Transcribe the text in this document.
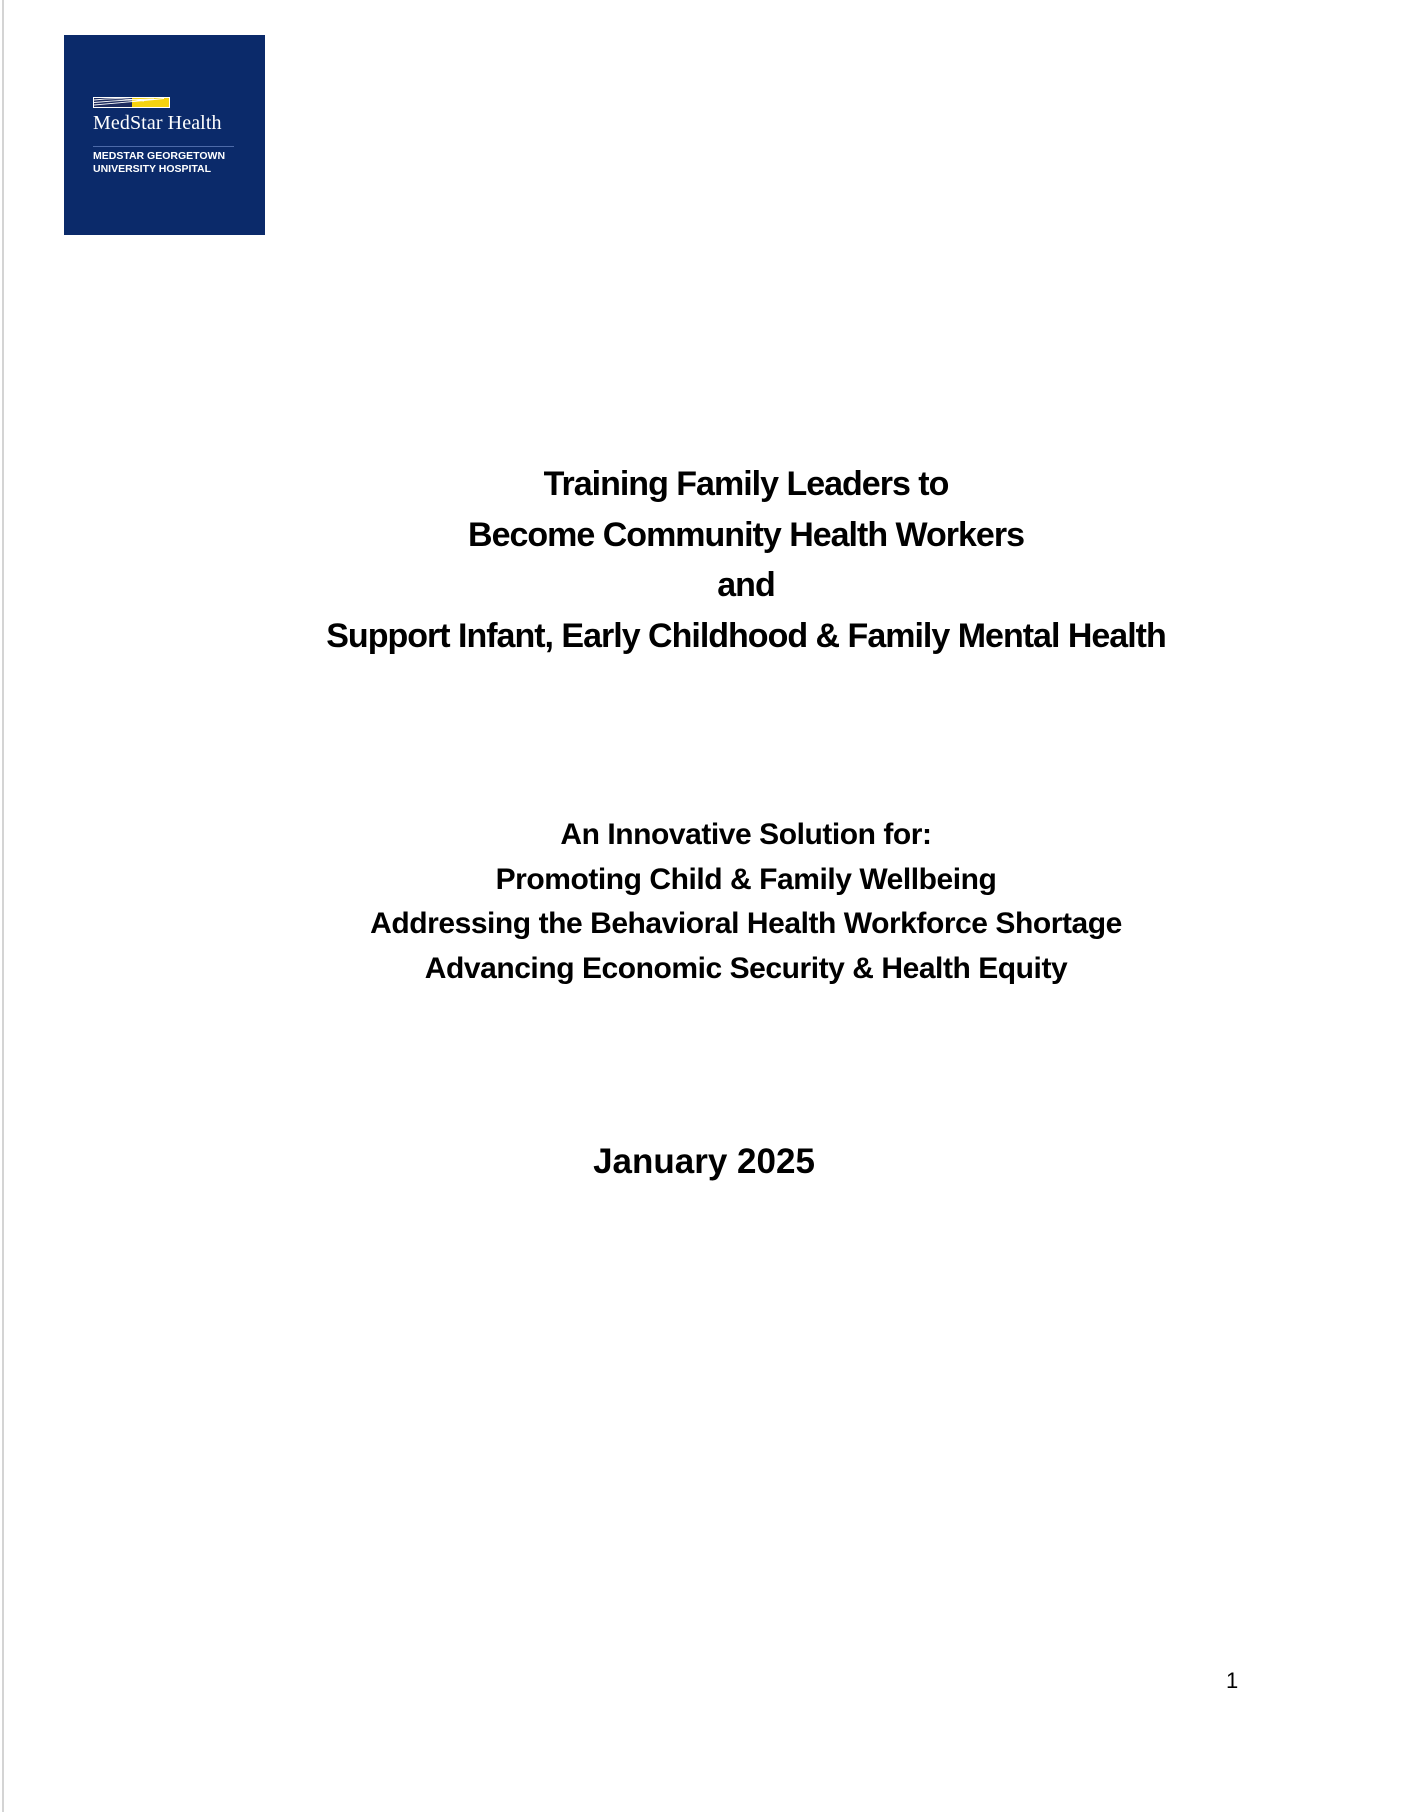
MedStar Health
MEDSTAR GEORGETOWN
UNIVERSITY HOSPITAL
Training Family Leaders to
Become Community Health Workers
and
Support Infant, Early Childhood & Family Mental Health
An Innovative Solution for:
Promoting Child & Family Wellbeing
Addressing the Behavioral Health Workforce Shortage
Advancing Economic Security & Health Equity
January 2025
1
